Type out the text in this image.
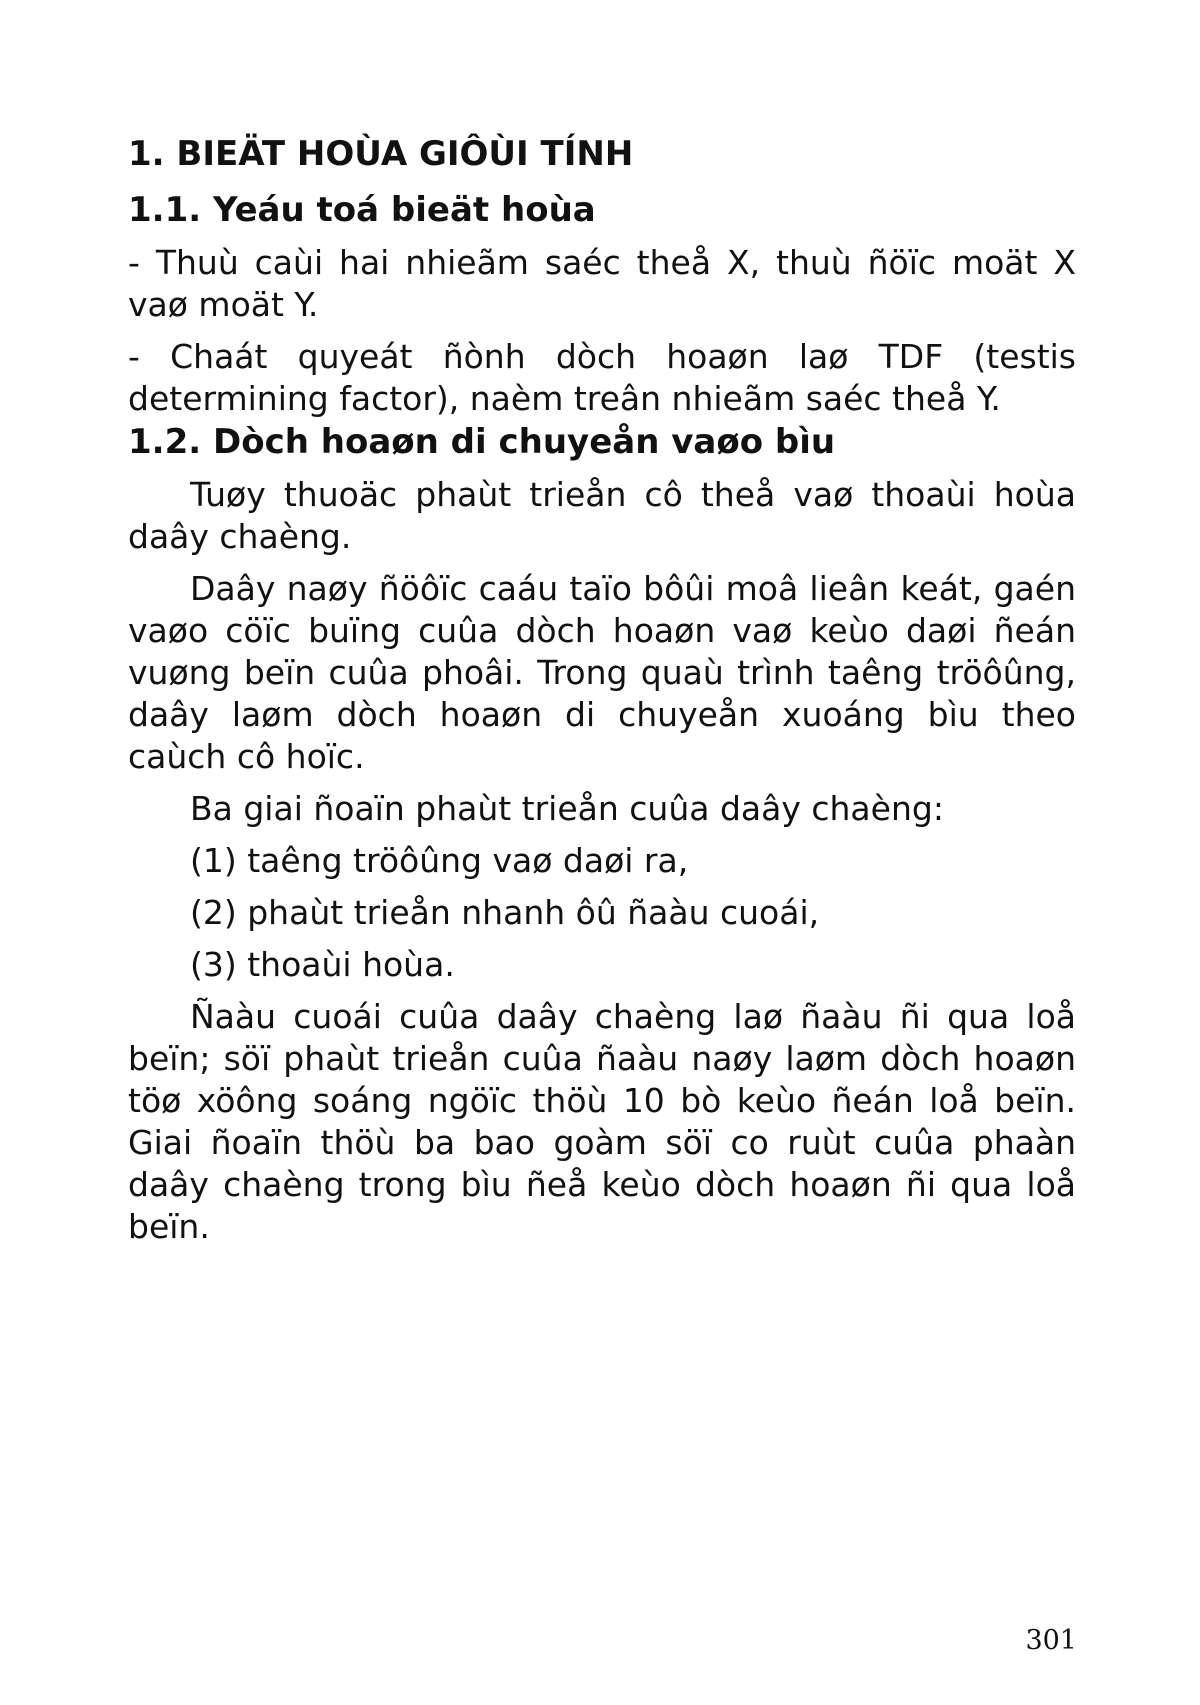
1. BIEÄT HOÙA GIÔÙI TÍNH
1.1. Yeáu toá bieät hoùa

- Thuù caùi hai nhieãm saéc theå X, thuù ñöïc moät X vaø moät Y.

- Chaát quyeát ñònh dòch hoaøn laø TDF (testis determining factor), naèm treân nhieãm saéc theå Y.

1.2. Dòch hoaøn di chuyeån vaøo bìu

Tuøy thuoäc phaùt trieån cô theå vaø thoaùi hoùa daây chaèng.

Daây naøy ñöôïc caáu taïo bôûi moâ lieân keát, gaén vaøo cöïc buïng cuûa dòch hoaøn vaø keùo daøi ñeán vuøng beïn cuûa phoâi. Trong quaù trình taêng tröôûng, daây laøm dòch hoaøn di chuyeån xuoáng bìu theo caùch cô hoïc.

Ba giai ñoaïn phaùt trieån cuûa daây chaèng:

(1) taêng tröôûng vaø daøi ra,

(2) phaùt trieån nhanh ôû ñaàu cuoái,

(3) thoaùi hoùa.

Ñaàu cuoái cuûa daây chaèng laø ñaàu ñi qua loå beïn; söï phaùt trieån cuûa ñaàu naøy laøm dòch hoaøn töø xöông soáng ngöïc thöù 10 bò keùo ñeán loå beïn. Giai ñoaïn thöù ba bao goàm söï co ruùt cuûa phaàn daây chaèng trong bìu ñeå keùo dòch hoaøn ñi qua loå beïn.

301
